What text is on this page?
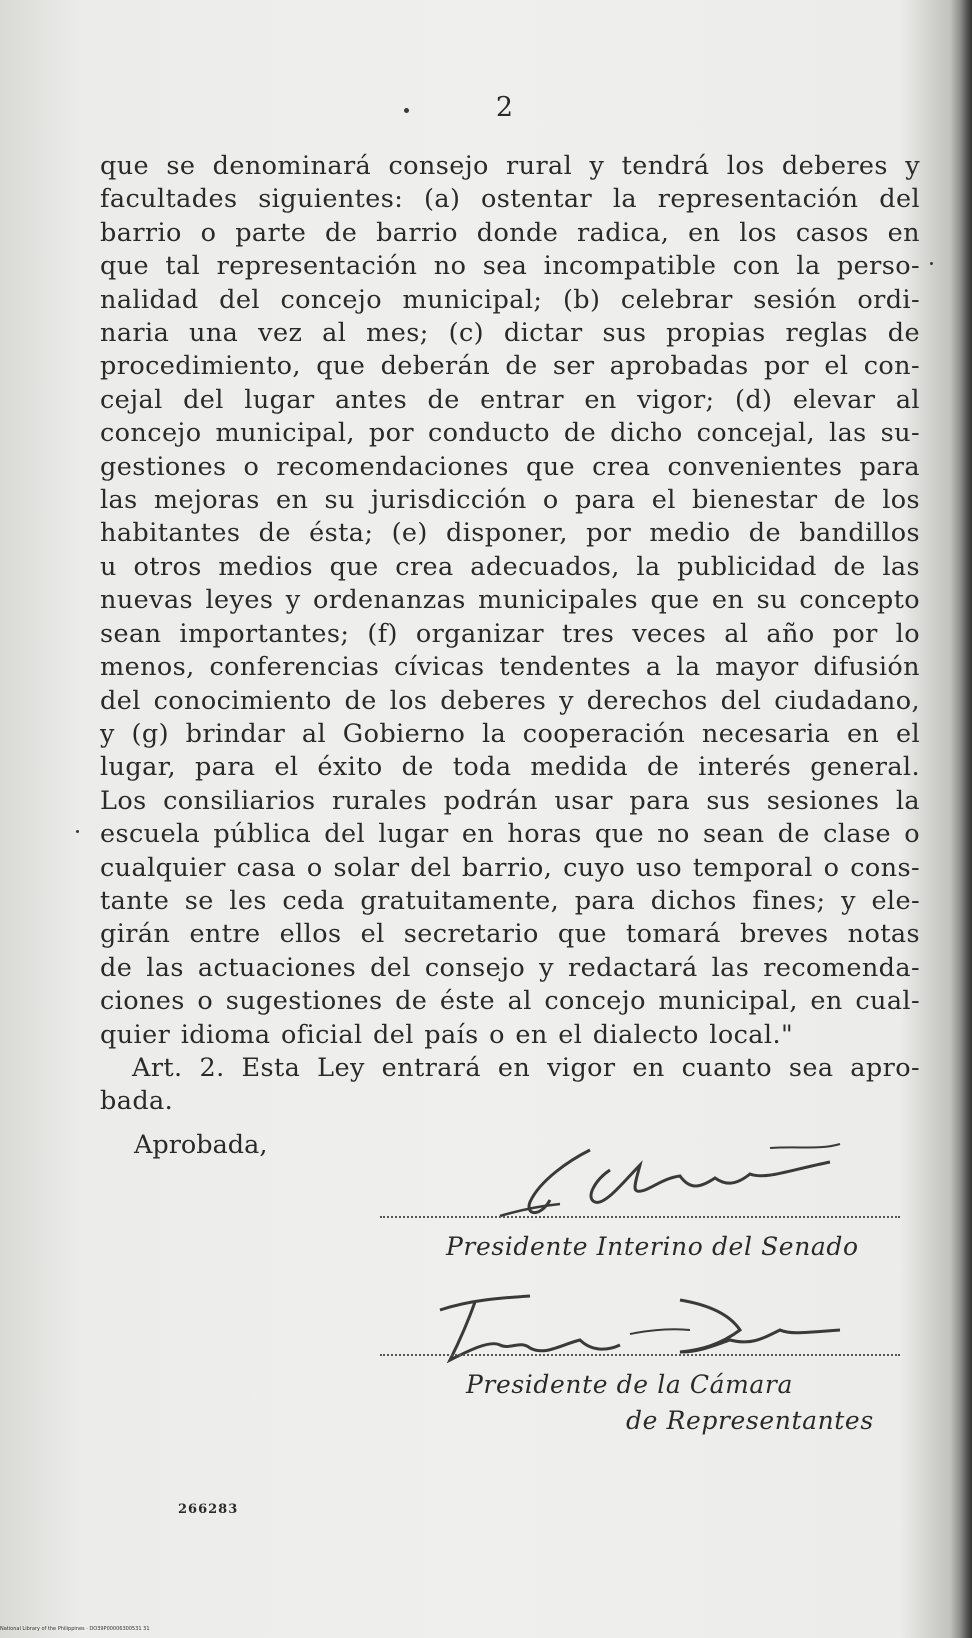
2
que se denominará consejo rural y tendrá los deberes y
facultades siguientes: (a) ostentar la representación del
barrio o parte de barrio donde radica, en los casos en
que tal representación no sea incompatible con la perso-
nalidad del concejo municipal; (b) celebrar sesión ordi-
naria una vez al mes; (c) dictar sus propias reglas de
procedimiento, que deberán de ser aprobadas por el con-
cejal del lugar antes de entrar en vigor; (d) elevar al
concejo municipal, por conducto de dicho concejal, las su-
gestiones o recomendaciones que crea convenientes para
las mejoras en su jurisdicción o para el bienestar de los
habitantes de ésta; (e) disponer, por medio de bandillos
u otros medios que crea adecuados, la publicidad de las
nuevas leyes y ordenanzas municipales que en su concepto
sean importantes; (f) organizar tres veces al año por lo
menos, conferencias cívicas tendentes a la mayor difusión
del conocimiento de los deberes y derechos del ciudadano,
y (g) brindar al Gobierno la cooperación necesaria en el
lugar, para el éxito de toda medida de interés general.
Los consiliarios rurales podrán usar para sus sesiones la
escuela pública del lugar en horas que no sean de clase o
cualquier casa o solar del barrio, cuyo uso temporal o cons-
tante se les ceda gratuitamente, para dichos fines; y ele-
girán entre ellos el secretario que tomará breves notas
de las actuaciones del consejo y redactará las recomenda-
ciones o sugestiones de éste al concejo municipal, en cual-
quier idioma oficial del país o en el dialecto local."
Art. 2. Esta Ley entrará en vigor en cuanto sea apro-
bada.
Aprobada,
Presidente Interino del Senado
Presidente de la Cámara
de Representantes
266283
National Library of the Philippines · DO39P00006300531 31
